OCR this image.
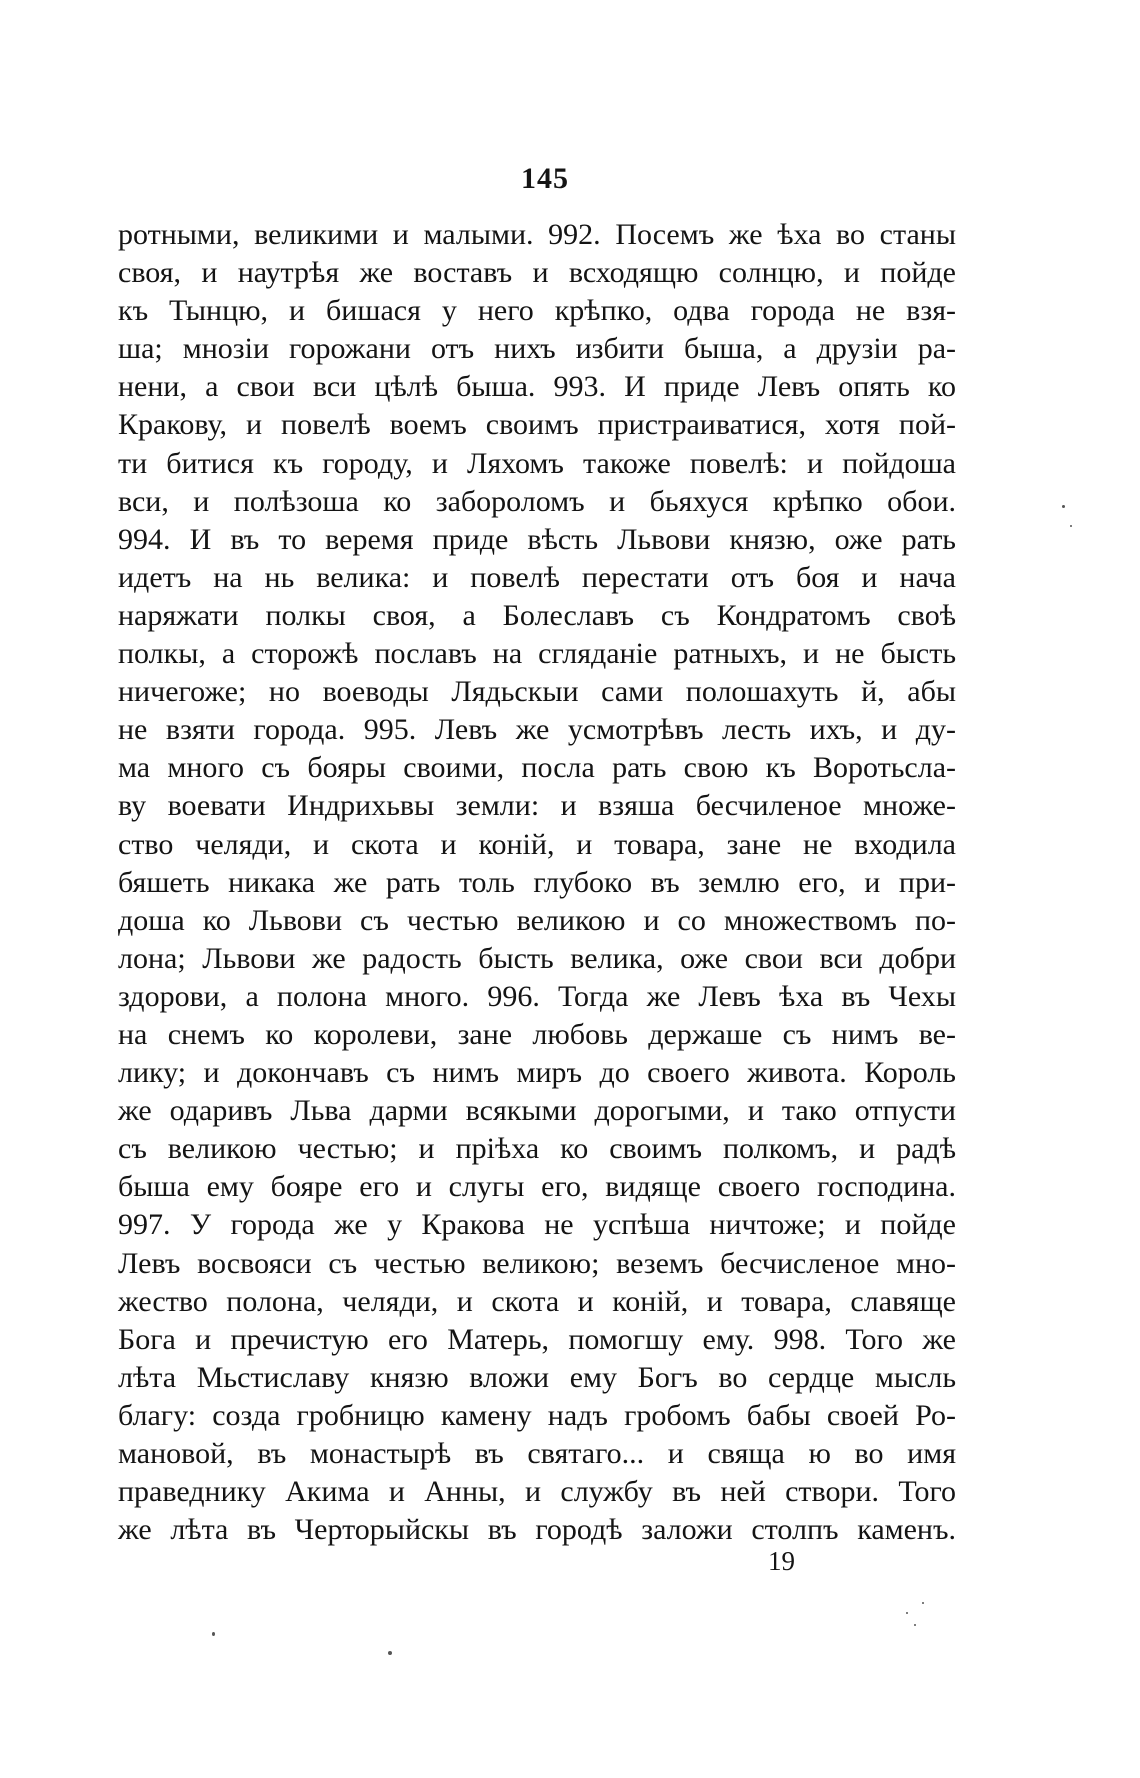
145
ротными, великими и малыми. 992. Посемъ же ѣха во станы
своя, и наутрѣя же воставъ и всходящю солнцю, и пойде
къ Тынцю, и бишася у него крѣпко, одва города не взя-
ша; мнозіи горожани отъ нихъ избити быша, а друзіи ра-
нени, а свои вси цѣлѣ быша. 993. И приде Левъ опять ко
Кракову, и повелѣ воемъ своимъ пристраиватися, хотя пой-
ти битися къ городу, и Ляхомъ такоже повелѣ: и пойдоша
вси, и полѣзоша ко забороломъ и бьяхуся крѣпко обои.
994. И въ то веремя приде вѣсть Львови князю, оже рать
идетъ на нь велика: и повелѣ перестати отъ боя и нача
наряжати полкы своя, а Болеславъ съ Кондратомъ своѣ
полкы, а сторожѣ пославъ на сглядaніе ратныхъ, и не бысть
ничегоже; но воеводы Лядьскыи сами полошахуть й, абы
не взяти города. 995. Левъ же усмотрѣвъ лесть ихъ, и ду-
ма много съ бояры своими, посла рать свою къ Воротьсла-
ву воевати Индрихьвы земли: и взяша бесчиленое множе-
ство челяди, и скота и коній, и товара, зане не входила
бяшеть никака же рать толь глубоко въ землю его, и при-
доша ко Львови съ честью великою и со множествомъ по-
лона; Львови же радость бысть велика, оже свои вси добри
здорови, а полона много. 996. Тогда же Левъ ѣха въ Чехы
на снемъ ко королеви, зане любовь держаше съ нимъ ве-
лику; и докончавъ съ нимъ миръ до своего живота. Король
же одаривъ Льва дарми всякыми дорогыми, и тако отпусти
съ великою честью; и пріѣха ко своимъ полкомъ, и радѣ
быша ему бояре его и слугы его, видяще своего господина.
997. У города же у Кракова не успѣша ничтоже; и пойде
Левъ восвояси съ честью великою; веземъ бесчисленое мно-
жество полона, челяди, и скота и коній, и товара, славяще
Бога и пречистую его Матерь, помогшу ему. 998. Того же
лѣта Мьстиславу князю вложи ему Богъ во сердце мысль
благу: созда гробницю камену надъ гробомъ бабы своей Ро-
мановой, въ монастырѣ въ святаго... и свяща ю во имя
праведнику Акима и Анны, и службу въ ней створи. Того
же лѣта въ Черторыйскы въ городѣ заложи столпъ каменъ.
19
